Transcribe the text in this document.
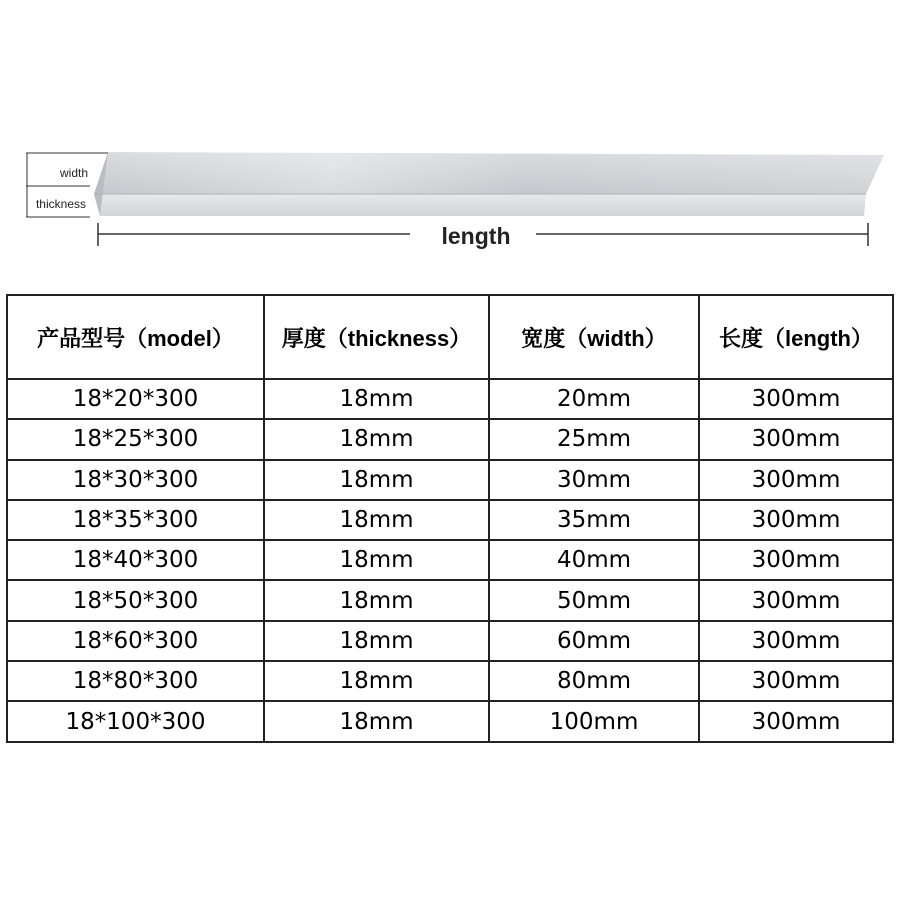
width
thickness
length
产品型号（model）	厚度（thickness）	宽度（width）	长度（length）
18*20*300	18mm	20mm	300mm
18*25*300	18mm	25mm	300mm
18*30*300	18mm	30mm	300mm
18*35*300	18mm	35mm	300mm
18*40*300	18mm	40mm	300mm
18*50*300	18mm	50mm	300mm
18*60*300	18mm	60mm	300mm
18*80*300	18mm	80mm	300mm
18*100*300	18mm	100mm	300mm
